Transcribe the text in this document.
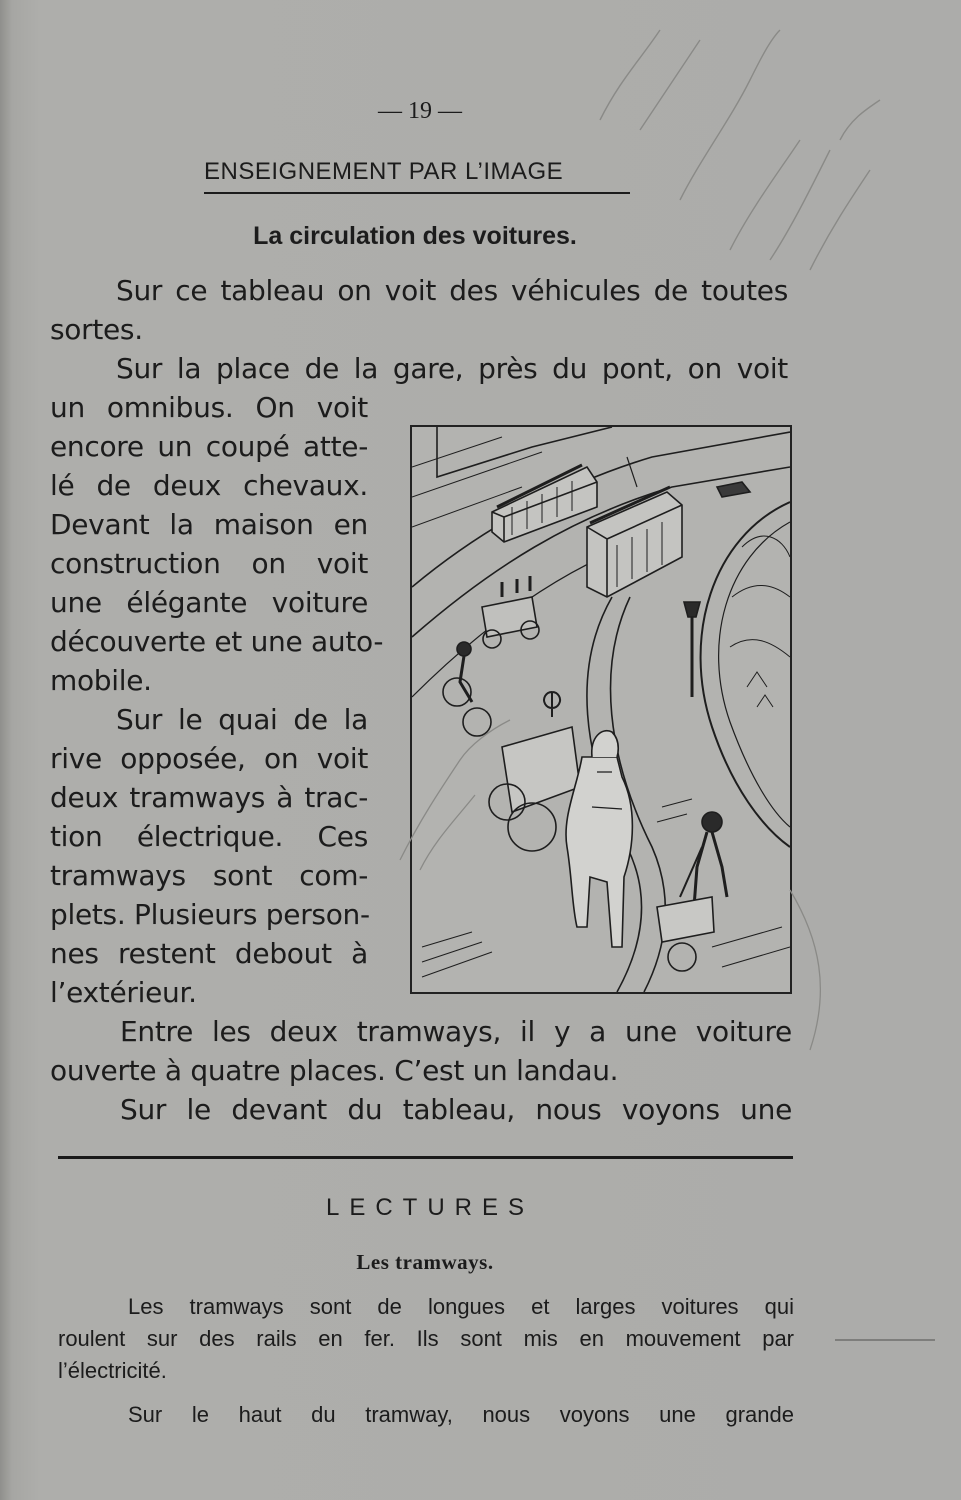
— 19 —
ENSEIGNEMENT PAR L’IMAGE
La circulation des voitures.
Sur ce tableau on voit des véhicules de toutes
sortes.
Sur la place de la gare, près du pont, on voit
un omnibus. On voit
encore un coupé atte-
lé de deux chevaux.
Devant la maison en
construction on voit
une élégante voiture
découverte et une auto-
mobile.
Sur le quai de la
rive opposée, on voit
deux tramways à trac-
tion électrique. Ces
tramways sont com-
plets. Plusieurs person-
nes restent debout à
l’extérieur.
Entre les deux tramways, il y a une voiture
ouverte à quatre places. C’est un landau.
Sur le devant du tableau, nous voyons une
LECTURES
Les tramways.
Les tramways sont de longues et larges voitures qui
roulent sur des rails en fer. Ils sont mis en mouvement par
l’électricité.
Sur le haut du tramway, nous voyons une grande
